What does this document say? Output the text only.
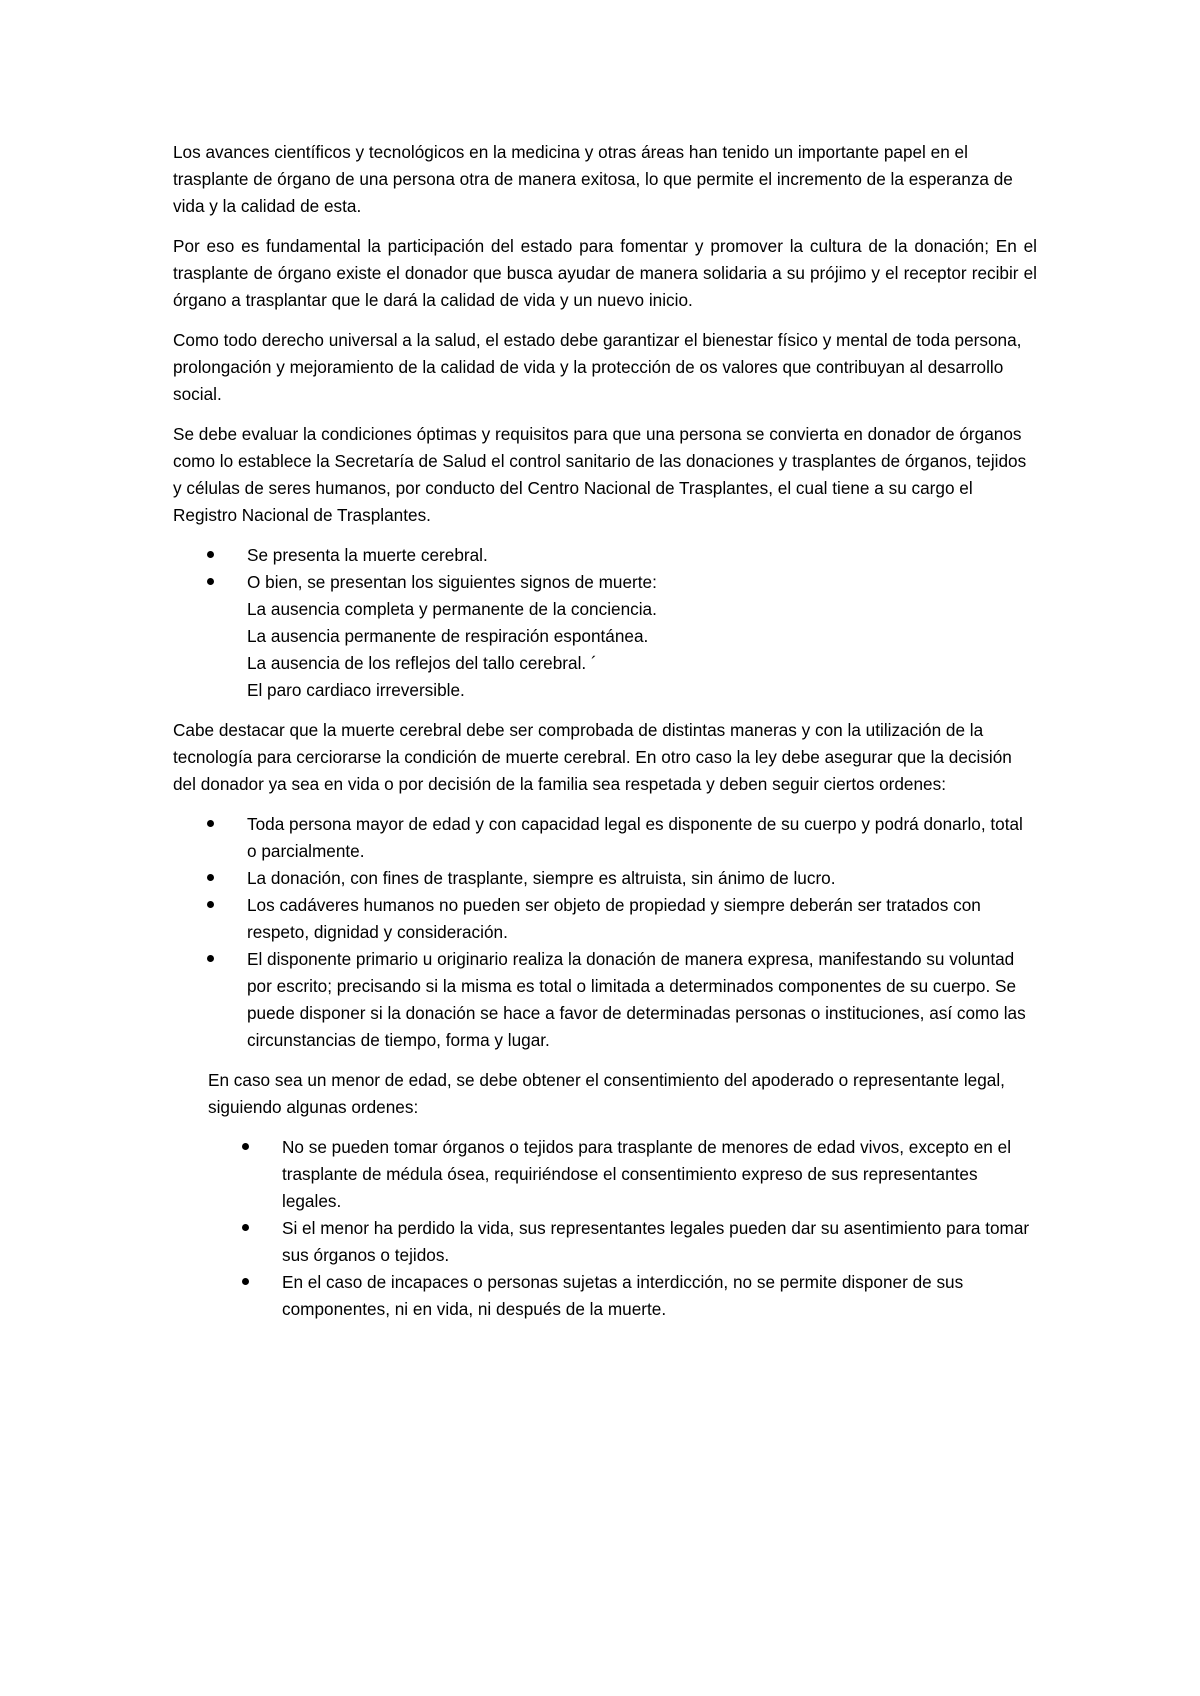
Los avances científicos y tecnológicos en la medicina y otras áreas han tenido un importante papel en el trasplante de órgano de una persona otra de manera exitosa, lo que permite el incremento de la esperanza de vida y la calidad de esta.

Por eso es fundamental la participación del estado para fomentar y promover la cultura de la donación; En el trasplante de órgano existe el donador que busca ayudar de manera solidaria a su prójimo y el receptor recibir el órgano a trasplantar que le dará la calidad de vida y un nuevo inicio.

Como todo derecho universal a la salud, el estado debe garantizar el bienestar físico y mental de toda persona, prolongación y mejoramiento de la calidad de vida y la protección de os valores que contribuyan al desarrollo social.

Se debe evaluar la condiciones óptimas y requisitos para que una persona se convierta en donador de órganos como lo establece la Secretaría de Salud el control sanitario de las donaciones y trasplantes de órganos, tejidos y células de seres humanos, por conducto del Centro Nacional de Trasplantes, el cual tiene a su cargo el Registro Nacional de Trasplantes.

Se presenta la muerte cerebral.
O bien, se presentan los siguientes signos de muerte:
La ausencia completa y permanente de la conciencia.
La ausencia permanente de respiración espontánea.
La ausencia de los reflejos del tallo cerebral. ´
El paro cardiaco irreversible.

Cabe destacar que la muerte cerebral debe ser comprobada de distintas maneras y con la utilización de la tecnología para cerciorarse la condición de muerte cerebral. En otro caso la ley debe asegurar que la decisión del donador ya sea en vida o por decisión de la familia sea respetada y deben seguir ciertos ordenes:

Toda persona mayor de edad y con capacidad legal es disponente de su cuerpo y podrá donarlo, total o parcialmente.
La donación, con fines de trasplante, siempre es altruista, sin ánimo de lucro.
Los cadáveres humanos no pueden ser objeto de propiedad y siempre deberán ser tratados con respeto, dignidad y consideración.
El disponente primario u originario realiza la donación de manera expresa, manifestando su voluntad por escrito; precisando si la misma es total o limitada a determinados componentes de su cuerpo. Se puede disponer si la donación se hace a favor de determinadas personas o instituciones, así como las circunstancias de tiempo, forma y lugar.

En caso sea un menor de edad, se debe obtener el consentimiento del apoderado o representante legal, siguiendo algunas ordenes:

No se pueden tomar órganos o tejidos para trasplante de menores de edad vivos, excepto en el trasplante de médula ósea, requiriéndose el consentimiento expreso de sus representantes legales.
Si el menor ha perdido la vida, sus representantes legales pueden dar su asentimiento para tomar sus órganos o tejidos.
En el caso de incapaces o personas sujetas a interdicción, no se permite disponer de sus componentes, ni en vida, ni después de la muerte.
